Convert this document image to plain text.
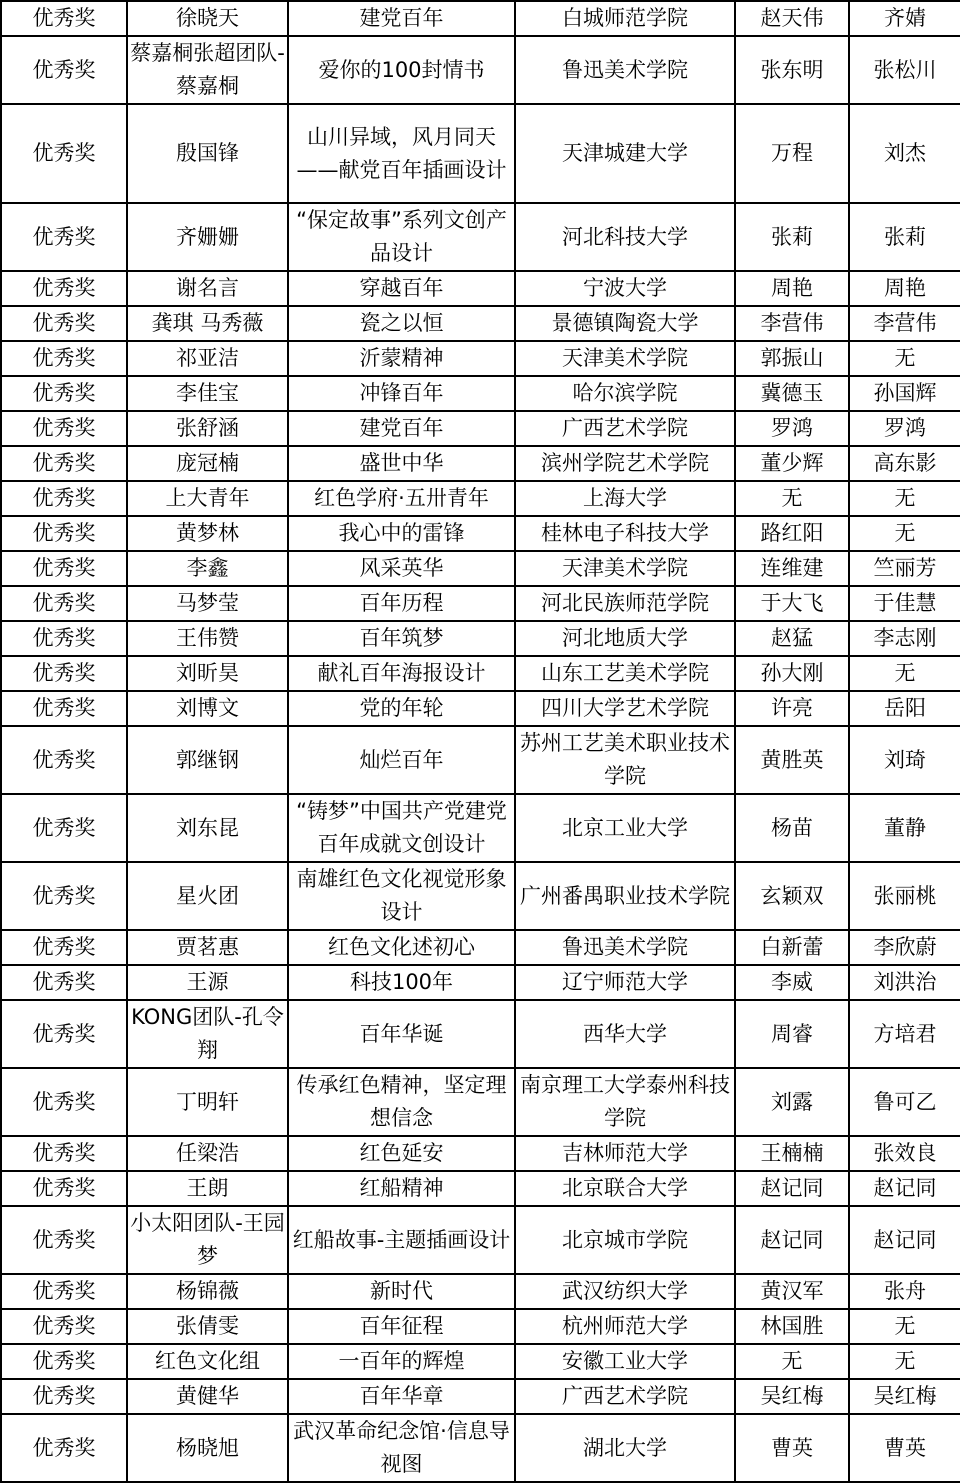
优秀奖	徐晓天	建党百年	白城师范学院	赵天伟	齐婧
优秀奖	蔡嘉桐张超团队-蔡嘉桐	爱你的100封情书	鲁迅美术学院	张东明	张松川
优秀奖	殷国锋	山川异域，风月同天——献党百年插画设计	天津城建大学	万程	刘杰
优秀奖	齐姗姗	“保定故事”系列文创产品设计	河北科技大学	张莉	张莉
优秀奖	谢名言	穿越百年	宁波大学	周艳	周艳
优秀奖	龚琪 马秀薇	瓷之以恒	景德镇陶瓷大学	李营伟	李营伟
优秀奖	祁亚洁	沂蒙精神	天津美术学院	郭振山	无
优秀奖	李佳宝	冲锋百年	哈尔滨学院	冀德玉	孙国辉
优秀奖	张舒涵	建党百年	广西艺术学院	罗鸿	罗鸿
优秀奖	庞冠楠	盛世中华	滨州学院艺术学院	董少辉	高东影
优秀奖	上大青年	红色学府·五卅青年	上海大学	无	无
优秀奖	黄梦林	我心中的雷锋	桂林电子科技大学	路红阳	无
优秀奖	李鑫	风采英华	天津美术学院	连维建	竺丽芳
优秀奖	马梦莹	百年历程	河北民族师范学院	于大飞	于佳慧
优秀奖	王伟赞	百年筑梦	河北地质大学	赵猛	李志刚
优秀奖	刘昕昊	献礼百年海报设计	山东工艺美术学院	孙大刚	无
优秀奖	刘博文	党的年轮	四川大学艺术学院	许亮	岳阳
优秀奖	郭继钢	灿烂百年	苏州工艺美术职业技术学院	黄胜英	刘琦
优秀奖	刘东昆	“铸梦”中国共产党建党百年成就文创设计	北京工业大学	杨苗	董静
优秀奖	星火团	南雄红色文化视觉形象设计	广州番禺职业技术学院	玄颖双	张丽桃
优秀奖	贾茗惠	红色文化述初心	鲁迅美术学院	白新蕾	李欣蔚
优秀奖	王源	科技100年	辽宁师范大学	李威	刘洪治
优秀奖	KONG团队-孔令翔	百年华诞	西华大学	周睿	方培君
优秀奖	丁明轩	传承红色精神，坚定理想信念	南京理工大学泰州科技学院	刘露	鲁可乙
优秀奖	任梁浩	红色延安	吉林师范大学	王楠楠	张效良
优秀奖	王朗	红船精神	北京联合大学	赵记同	赵记同
优秀奖	小太阳团队-王园梦	红船故事-主题插画设计	北京城市学院	赵记同	赵记同
优秀奖	杨锦薇	新时代	武汉纺织大学	黄汉军	张舟
优秀奖	张倩雯	百年征程	杭州师范大学	林国胜	无
优秀奖	红色文化组	一百年的辉煌	安徽工业大学	无	无
优秀奖	黄健华	百年华章	广西艺术学院	吴红梅	吴红梅
优秀奖	杨晓旭	武汉革命纪念馆·信息导视图	湖北大学	曹英	曹英
